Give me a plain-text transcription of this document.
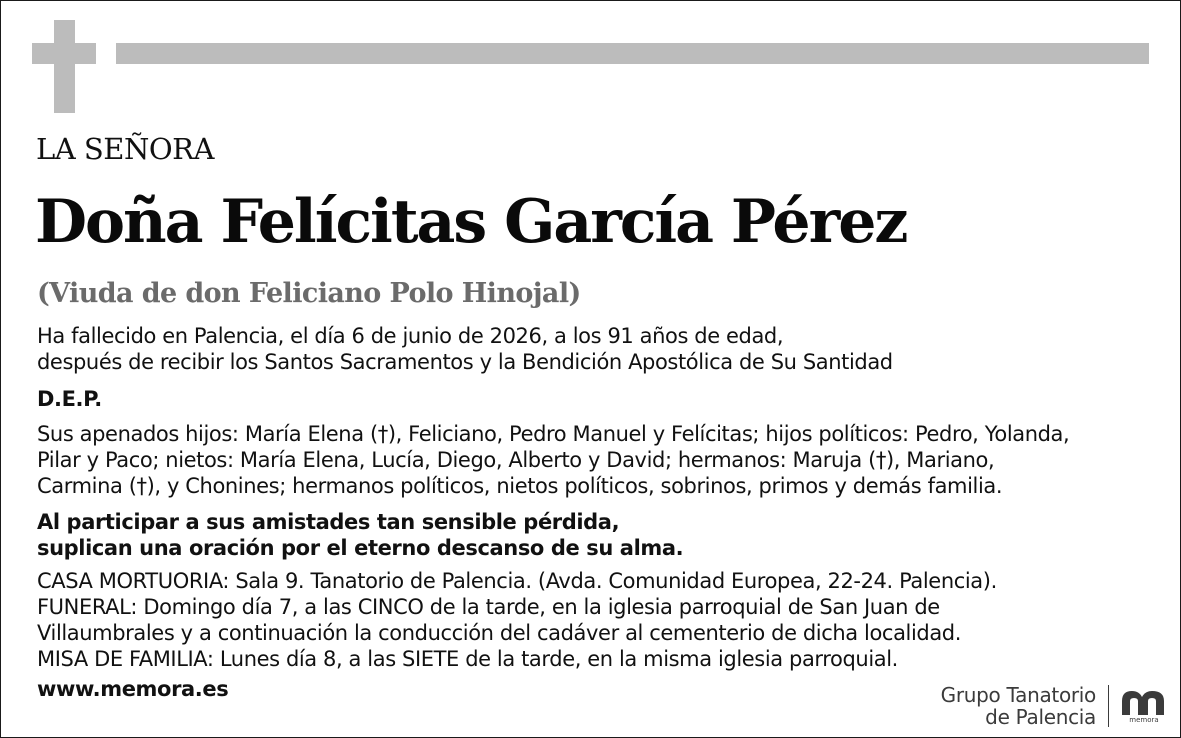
LA SEÑORA
Doña Felícitas García Pérez
(Viuda de don Feliciano Polo Hinojal)
Ha fallecido en Palencia, el día 6 de junio de 2026, a los 91 años de edad,
después de recibir los Santos Sacramentos y la Bendición Apostólica de Su Santidad
D.E.P.
Sus apenados hijos: María Elena (†), Feliciano, Pedro Manuel y Felícitas; hijos políticos: Pedro, Yolanda,
Pilar y Paco; nietos: María Elena, Lucía, Diego, Alberto y David; hermanos: Maruja (†), Mariano,
Carmina (†), y Chonines; hermanos políticos, nietos políticos, sobrinos, primos y demás familia.
Al participar a sus amistades tan sensible pérdida,
suplican una oración por el eterno descanso de su alma.
CASA MORTUORIA: Sala 9. Tanatorio de Palencia. (Avda. Comunidad Europea, 22-24. Palencia).
FUNERAL: Domingo día 7, a las CINCO de la tarde, en la iglesia parroquial de San Juan de
Villaumbrales y a continuación la conducción del cadáver al cementerio de dicha localidad.
MISA DE FAMILIA: Lunes día 8, a las SIETE de la tarde, en la misma iglesia parroquial.
www.memora.es	Grupo Tanatorio
de Palencia	memora
